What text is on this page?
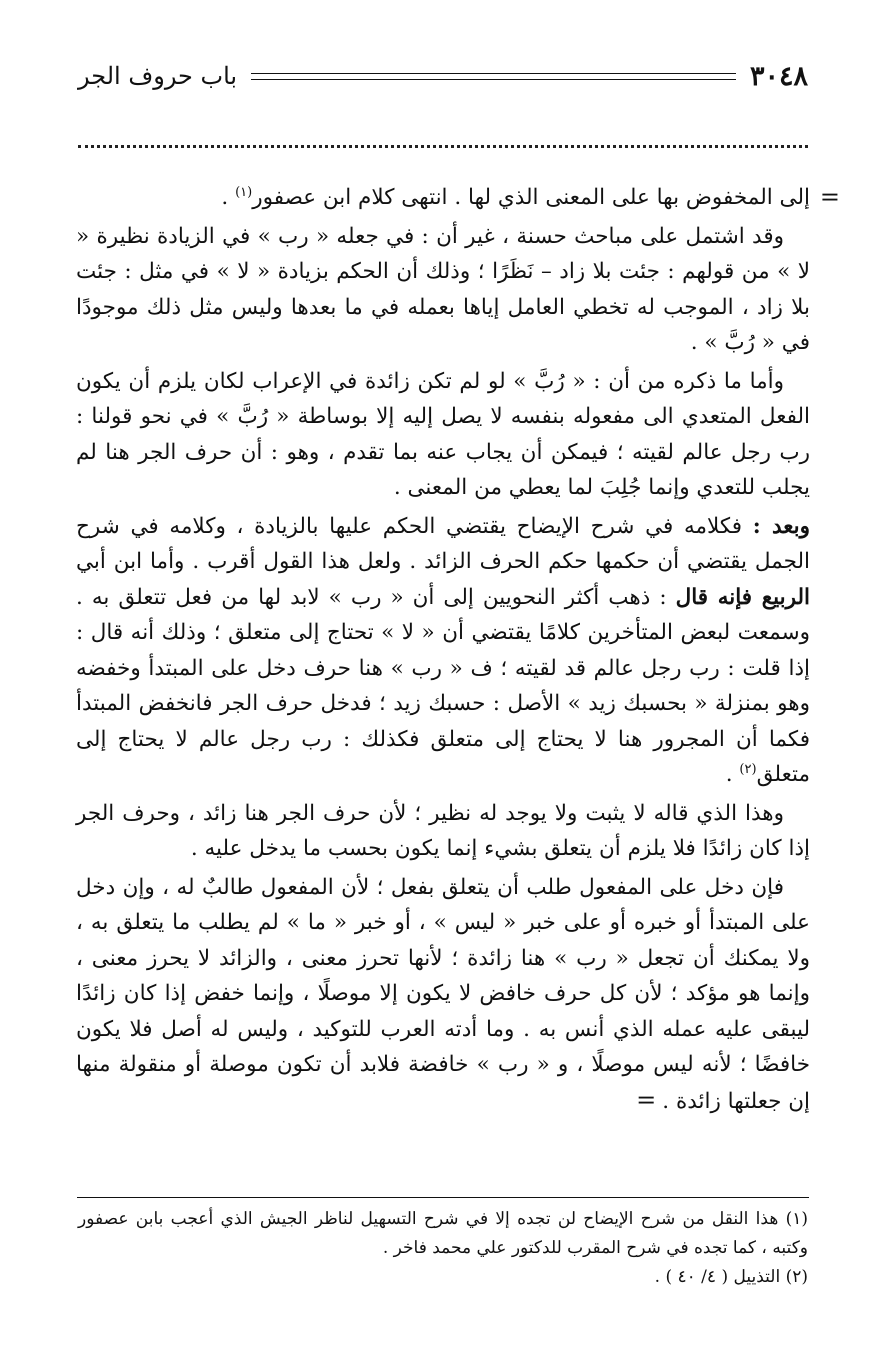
٣٠٤٨
باب حروف الجر

=
إلى المخفوض بها على المعنى الذي لها . انتهى كلام ابن عصفور$^{(١)}$ .

وقد اشتمل على مباحث حسنة ، غير أن : في جعله « رب » في الزيادة نظيرة « لا » من قولهم : جئت بلا زاد – نَظَرًا ؛ وذلك أن الحكم بزيادة « لا » في مثل : جئت بلا زاد ، الموجب له تخطي العامل إياها بعمله في ما بعدها وليس مثل ذلك موجودًا في « رُبَّ » .

وأما ما ذكره من أن : « رُبَّ » لو لم تكن زائدة في الإعراب لكان يلزم أن يكون الفعل المتعدي الى مفعوله بنفسه لا يصل إليه إلا بوساطة « رُبَّ » في نحو قولنا : رب رجل عالم لقيته ؛ فيمكن أن يجاب عنه بما تقدم ، وهو : أن حرف الجر هنا لم يجلب للتعدي وإنما جُلِبَ لما يعطي من المعنى .

وبعد : فكلامه في شرح الإيضاح يقتضي الحكم عليها بالزيادة ، وكلامه في شرح الجمل يقتضي أن حكمها حكم الحرف الزائد . ولعل هذا القول أقرب . وأما ابن أبي الربيع فإنه قال : ذهب أكثر النحويين إلى أن « رب » لابد لها من فعل تتعلق به . وسمعت لبعض المتأخرين كلامًا يقتضي أن « لا » تحتاج إلى متعلق ؛ وذلك أنه قال : إذا قلت : رب رجل عالم قد لقيته ؛ ف « رب » هنا حرف دخل على المبتدأ وخفضه وهو بمنزلة « بحسبك زيد » الأصل : حسبك زيد ؛ فدخل حرف الجر فانخفض المبتدأ فكما أن المجرور هنا لا يحتاج إلى متعلق فكذلك : رب رجل عالم لا يحتاج إلى متعلق$^{(٢)}$ .

وهذا الذي قاله لا يثبت ولا يوجد له نظير ؛ لأن حرف الجر هنا زائد ، وحرف الجر إذا كان زائدًا فلا يلزم أن يتعلق بشيء إنما يكون بحسب ما يدخل عليه .

فإن دخل على المفعول طلب أن يتعلق بفعل ؛ لأن المفعول طالبٌ له ، وإن دخل على المبتدأ أو خبره أو على خبر « ليس » ، أو خبر « ما » لم يطلب ما يتعلق به ، ولا يمكنك أن تجعل « رب » هنا زائدة ؛ لأنها تحرز معنى ، والزائد لا يحرز معنى ، وإنما هو مؤكد ؛ لأن كل حرف خافض لا يكون إلا موصلًا ، وإنما خفض إذا كان زائدًا ليبقى عليه عمله الذي أنس به . وما أدته العرب للتوكيد ، وليس له أصل فلا يكون خافضًا ؛ لأنه ليس موصلًا ، و « رب » خافضة فلابد أن تكون موصلة أو منقولة منها إن جعلتها زائدة .=

(١) هذا النقل من شرح الإيضاح لن تجده إلا في شرح التسهيل لناظر الجيش الذي أعجب بابن عصفور وكتبه ، كما تجده في شرح المقرب للدكتور علي محمد فاخر .

(٢) التذييل ( ٤/ ٤٠ ) .
